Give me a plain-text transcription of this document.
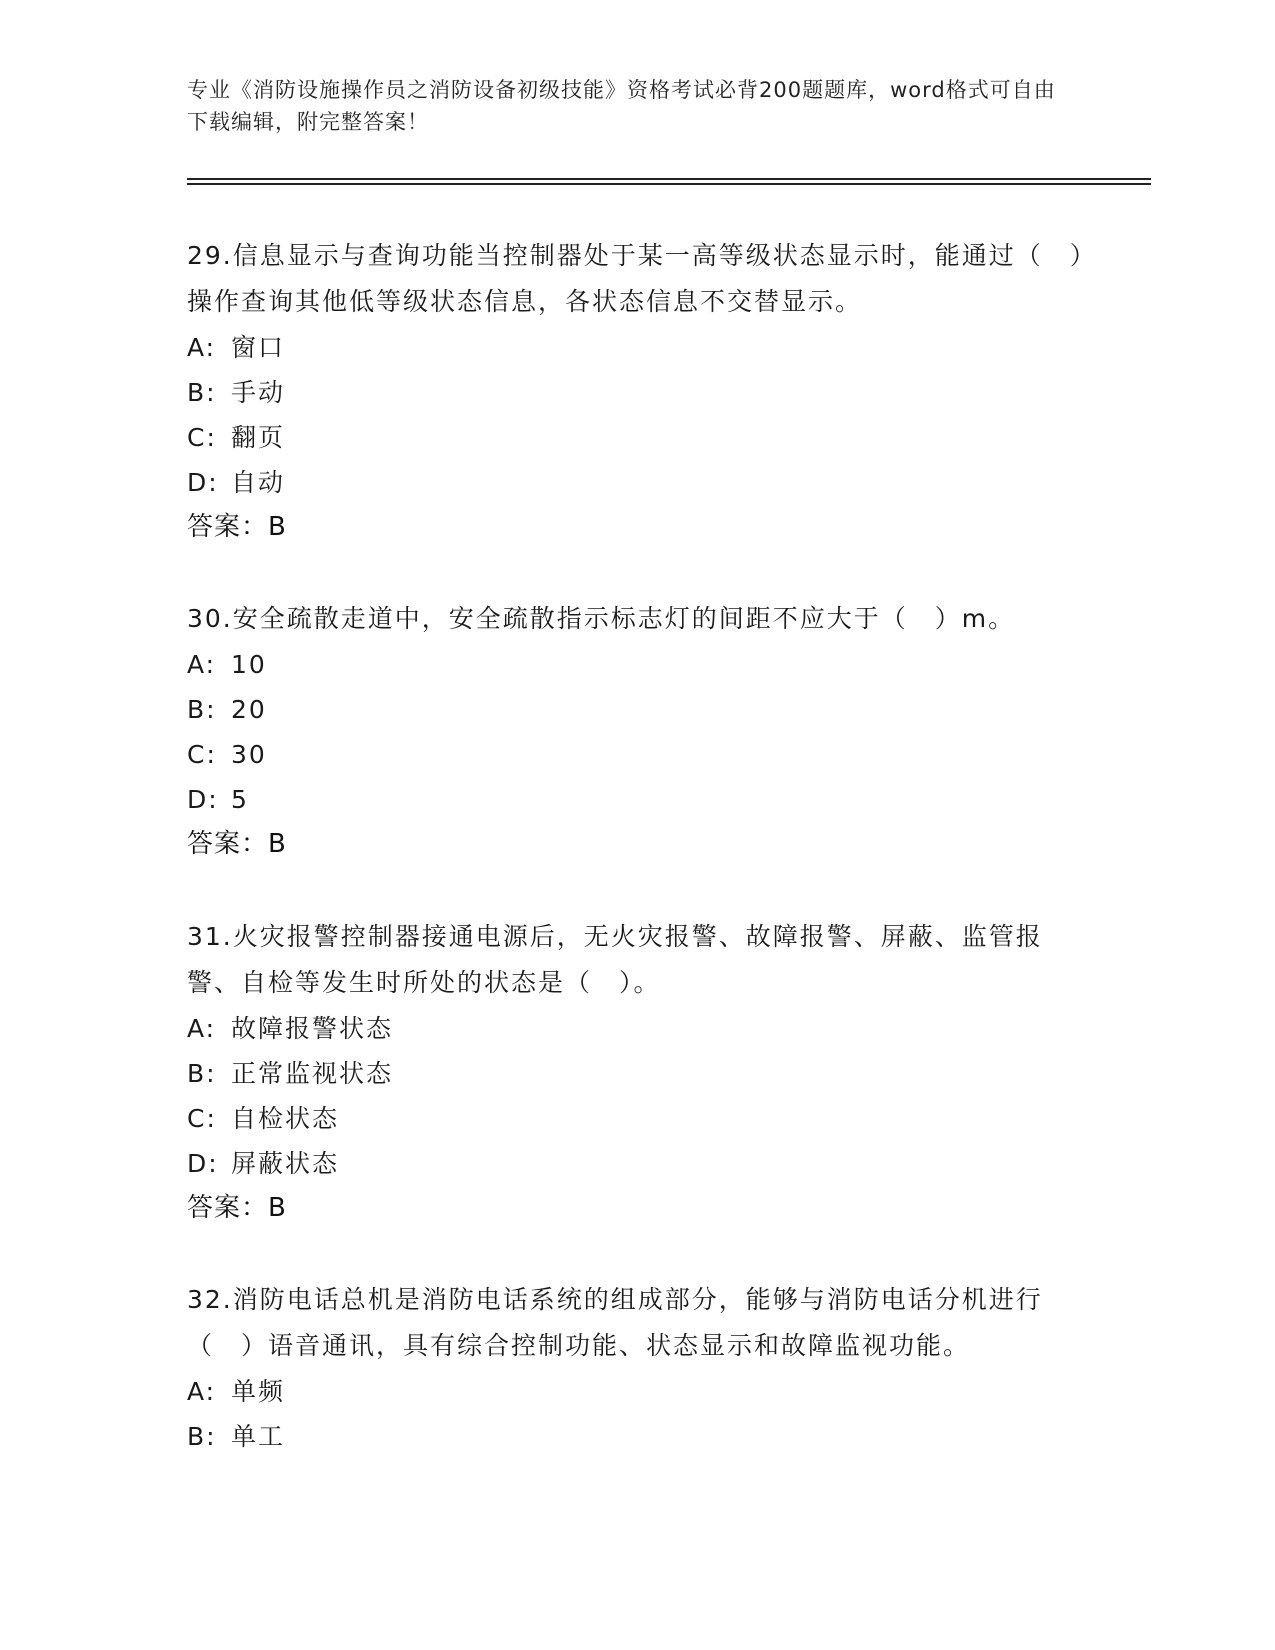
专业《消防设施操作员之消防设备初级技能》资格考试必背200题题库，word格式可自由下载编辑，附完整答案！

29.信息显示与查询功能当控制器处于某一高等级状态显示时，能通过（　）操作查询其他低等级状态信息，各状态信息不交替显示。

A: 窗口

B: 手动

C: 翻页

D: 自动

答案：B

30.安全疏散走道中，安全疏散指示标志灯的间距不应大于（　）m。

A: 10

B: 20

C: 30

D: 5

答案：B

31.火灾报警控制器接通电源后，无火灾报警、故障报警、屏蔽、监管报警、自检等发生时所处的状态是（　）。

A: 故障报警状态

B: 正常监视状态

C: 自检状态

D: 屏蔽状态

答案：B

32.消防电话总机是消防电话系统的组成部分，能够与消防电话分机进行（　）语音通讯，具有综合控制功能、状态显示和故障监视功能。

A: 单频

B: 单工
